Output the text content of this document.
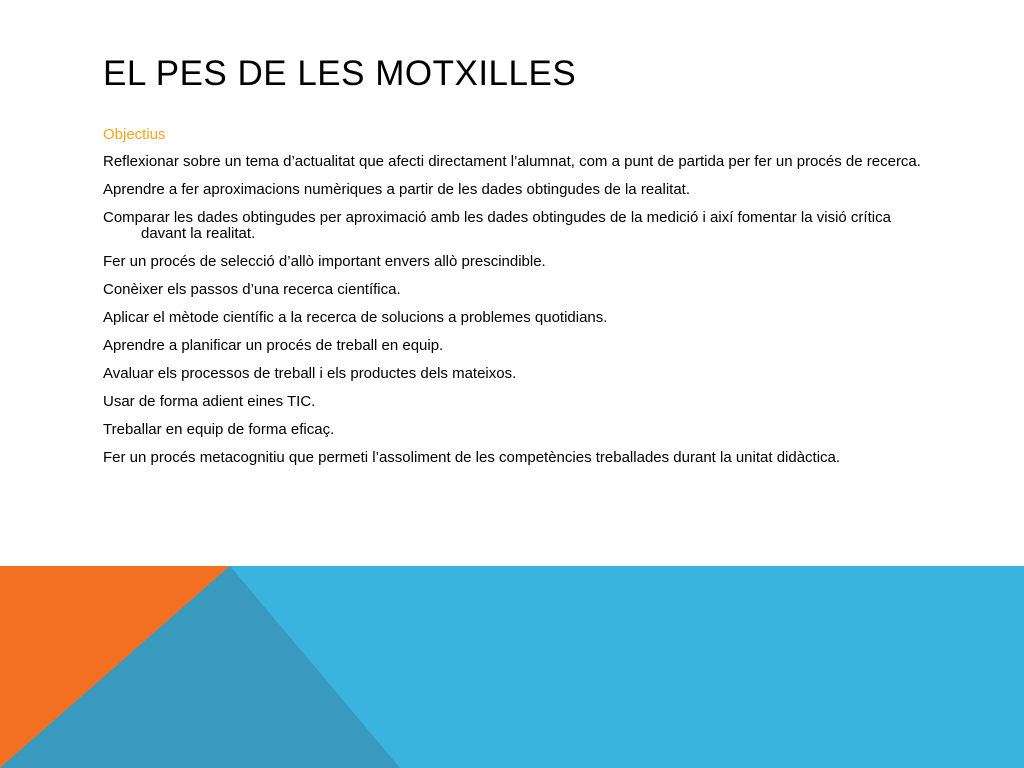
EL PES DE LES MOTXILLES
Objectius
Reflexionar sobre un tema d’actualitat que afecti directament l’alumnat, com a punt de partida per fer un procés de recerca.
Aprendre a fer aproximacions numèriques a partir de les dades obtingudes de la realitat.
Comparar les dades obtingudes per aproximació amb les dades obtingudes de la medició i així fomentar la visió crítica davant la realitat.
Fer un procés de selecció d’allò important envers allò prescindible.
Conèixer els passos d’una recerca científica.
Aplicar el mètode científic a la recerca de solucions a problemes quotidians.
Aprendre a planificar un procés de treball en equip.
Avaluar els processos de treball i els productes dels mateixos.
Usar de forma adient eines TIC.
Treballar en equip de forma eficaç.
Fer un procés metacognitiu que permeti l’assoliment de les competències treballades durant la unitat didàctica.
